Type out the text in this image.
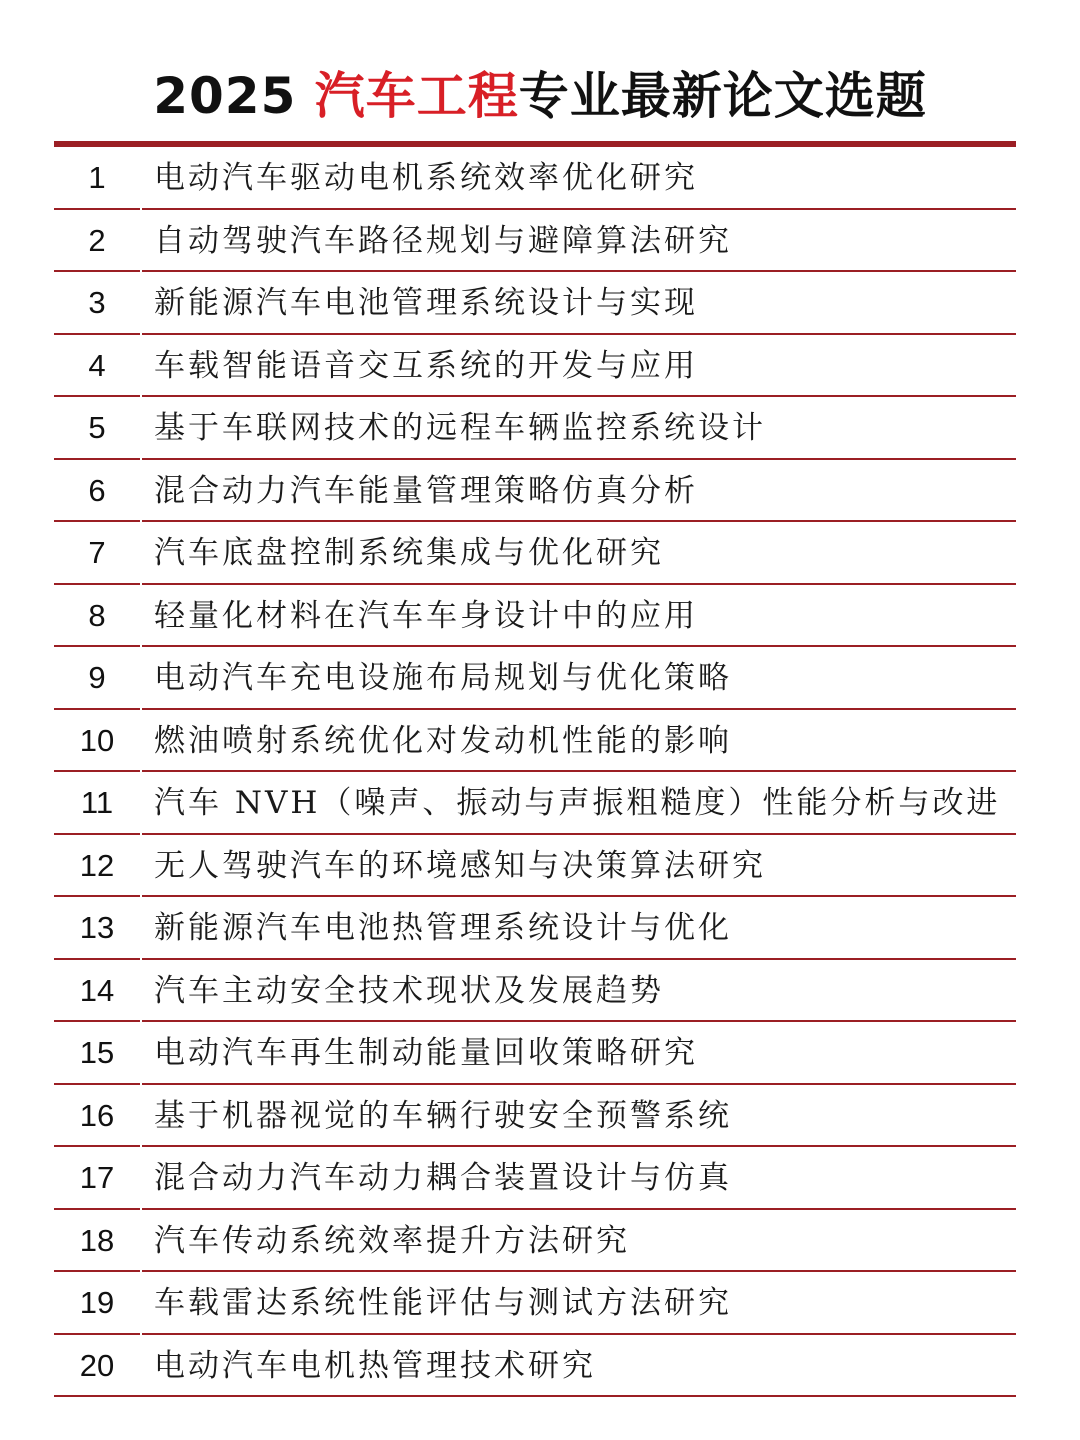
2025 汽车工程专业最新论文选题
1	电动汽车驱动电机系统效率优化研究
2	自动驾驶汽车路径规划与避障算法研究
3	新能源汽车电池管理系统设计与实现
4	车载智能语音交互系统的开发与应用
5	基于车联网技术的远程车辆监控系统设计
6	混合动力汽车能量管理策略仿真分析
7	汽车底盘控制系统集成与优化研究
8	轻量化材料在汽车车身设计中的应用
9	电动汽车充电设施布局规划与优化策略
10	燃油喷射系统优化对发动机性能的影响
11	汽车 NVH（噪声、振动与声振粗糙度）性能分析与改进
12	无人驾驶汽车的环境感知与决策算法研究
13	新能源汽车电池热管理系统设计与优化
14	汽车主动安全技术现状及发展趋势
15	电动汽车再生制动能量回收策略研究
16	基于机器视觉的车辆行驶安全预警系统
17	混合动力汽车动力耦合装置设计与仿真
18	汽车传动系统效率提升方法研究
19	车载雷达系统性能评估与测试方法研究
20	电动汽车电机热管理技术研究
